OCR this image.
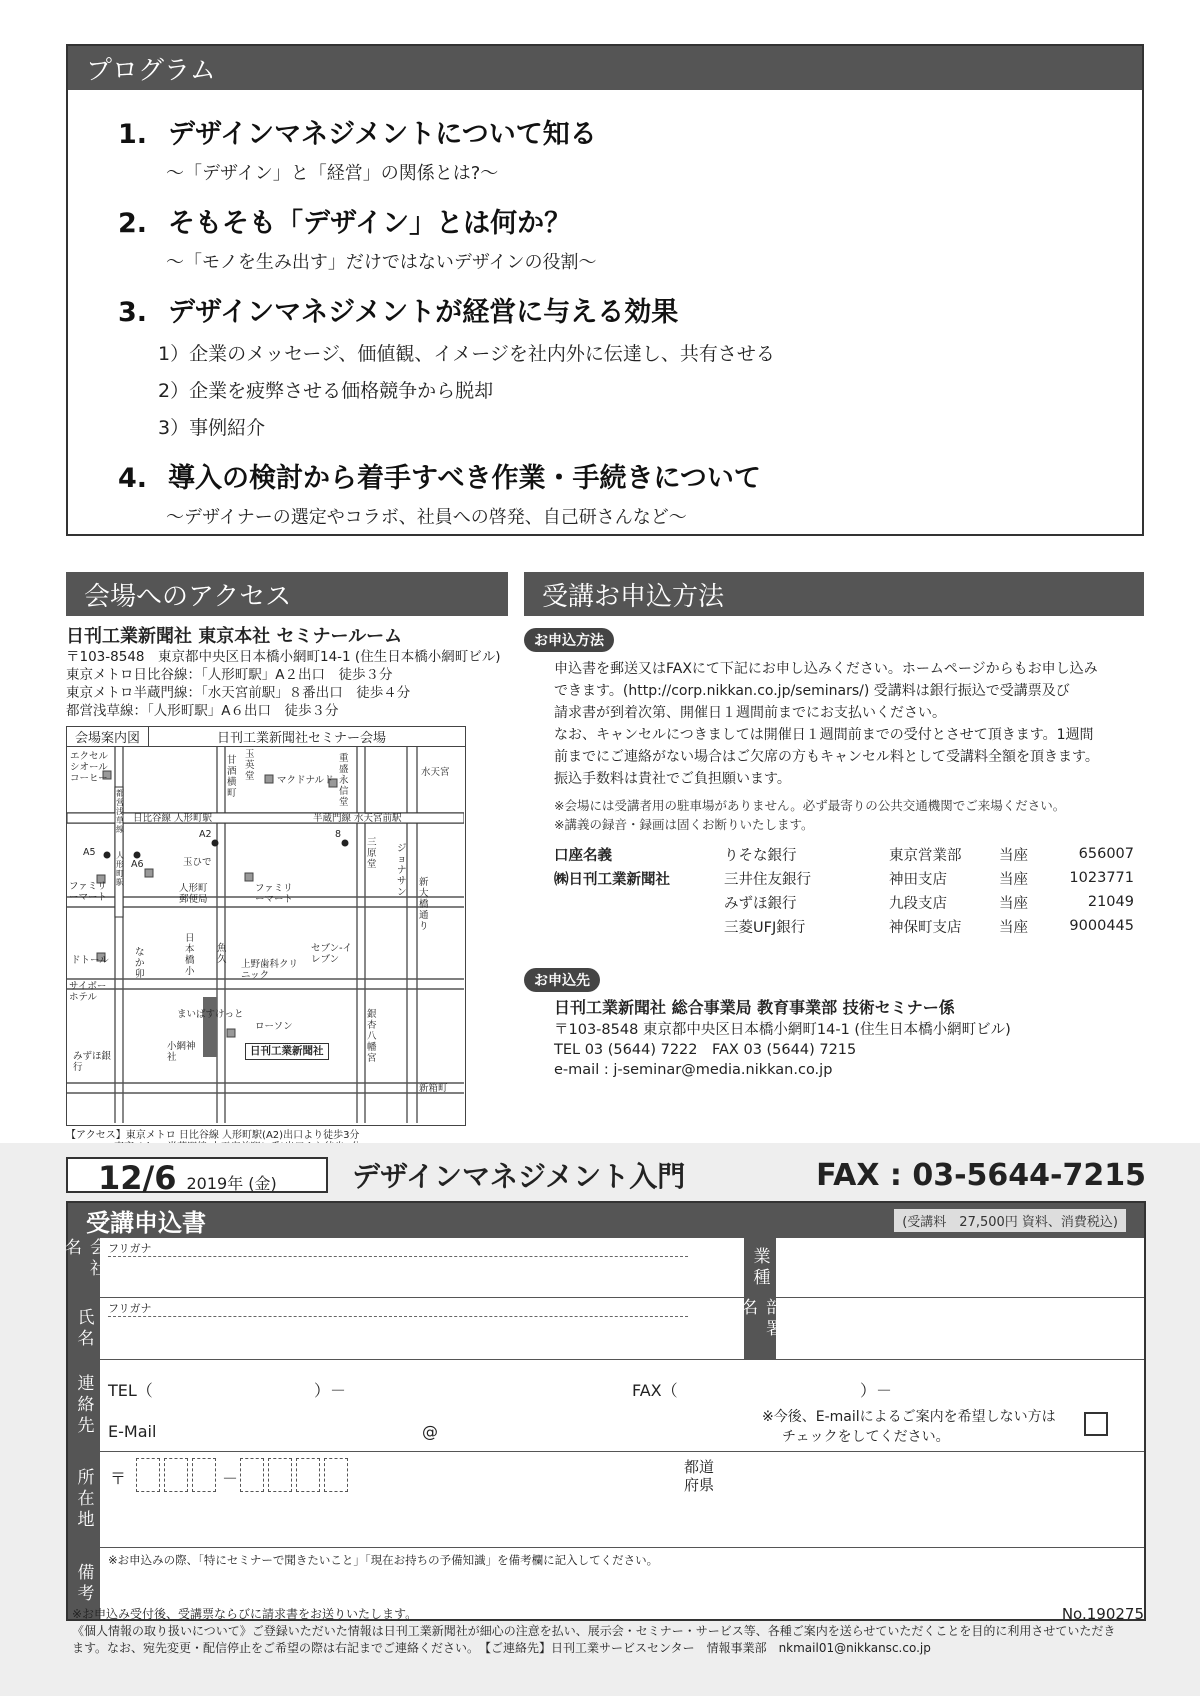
プログラム
1. デザインマネジメントについて知る
～「デザイン」と「経営」の関係とは?～
2. そもそも「デザイン」とは何か？
～「モノを生み出す」だけではないデザインの役割～
3. デザインマネジメントが経営に与える効果
1）企業のメッセージ、価値観、イメージを社内外に伝達し、共有させる
2）企業を疲弊させる価格競争から脱却
3）事例紹介
4. 導入の検討から着手すべき作業・手続きについて
～デザイナーの選定やコラボ、社員への啓発、自己研さんなど～
会場へのアクセス
日刊工業新聞社 東京本社 セミナールーム
〒103-8548　東京都中央区日本橋小網町14-1 (住生日本橋小網町ビル)
東京メトロ日比谷線：「人形町駅」A２出口　徒歩３分
東京メトロ半蔵門線：「水天宮前駅」８番出口　徒歩４分
都営浅草線：「人形町駅」A６出口　徒歩３分
会場案内図	日刊工業新聞社セミナー会場
エクセル シオール コーヒー
甘酒横町
玉英堂	マクドナルド
重盛永信堂
水天宮
日比谷線 人形町駅	半蔵門線 水天宮前駅
A2	8
A5
A6
都営浅草線
人形町駅
玉ひで
ファミリーマート
人形町郵便局
ファミリーマート
三原堂
ジョナサン
新大橋通り
ドトール
なか卯
日本橋小
魚久 上野歯科クリニック
セブン-イレブン
サイボー ホテル
まいばすけっと
ローソン
日刊工業新聞社
銀杏八幡宮
小網神社
みずほ銀行
新箱町
【アクセス】東京メトロ 日比谷線 人形町駅(A2)出口より徒歩3分
受講お申込方法
お申込方法
申込書を郵送又はFAXにて下記にお申し込みください。ホームページからもお申し込み
できます。(http://corp.nikkan.co.jp/seminars/) 受講料は銀行振込で受講票及び
請求書が到着次第、開催日１週間前までにお支払いください。
なお、キャンセルにつきましては開催日１週間前までの受付とさせて頂きます。1週間
前までにご連絡がない場合はご欠席の方もキャンセル料として受講料全額を頂きます。
振込手数料は貴社でご負担願います。
※会場には受講者用の駐車場がありません。必ず最寄りの公共交通機関でご来場ください。
※講義の録音・録画は固くお断りいたします。
口座名義	りそな銀行	東京営業部	当座	656007
㈱日刊工業新聞社	三井住友銀行	神田支店	当座	1023771
みずほ銀行	九段支店	当座	21049
三菱UFJ銀行	神保町支店	当座	9000445
お申込先
日刊工業新聞社 総合事業局 教育事業部 技術セミナー係
〒103-8548 東京都中央区日本橋小網町14-1 (住生日本橋小網町ビル)
TEL 03 (5644) 7222　FAX 03 (5644) 7215
e-mail : j-seminar@media.nikkan.co.jp
12/6 2019年 (金)	デザインマネジメント入門	FAX : 03-5644-7215
受講申込書	(受講料　27,500円 資料、消費税込)
会社名	フリガナ	業種
氏名	フリガナ	部署名
連絡先 TEL（	）－	FAX（	）－
E-Mail	@
※今後、E-mailによるご案内を希望しない方は
チェックをしてください。
所在地	〒	－
都道
府県
備考
※お申込みの際、「特にセミナーで聞きたいこと」「現在お持ちの予備知識」を備考欄に記入してください。
※お申込み受付後、受講票ならびに請求書をお送りいたします。	No.190275
《個人情報の取り扱いについて》ご登録いただいた情報は日刊工業新聞社が細心の注意を払い、展示会・セミナー・サービス等、各種ご案内を送らせていただくことを目的に利用させていただき
ます。なお、宛先変更・配信停止をご希望の際は右記までご連絡ください。　【ご連絡先】日刊工業サービスセンター　情報事業部　nkmail01@nikkansc.co.jp
